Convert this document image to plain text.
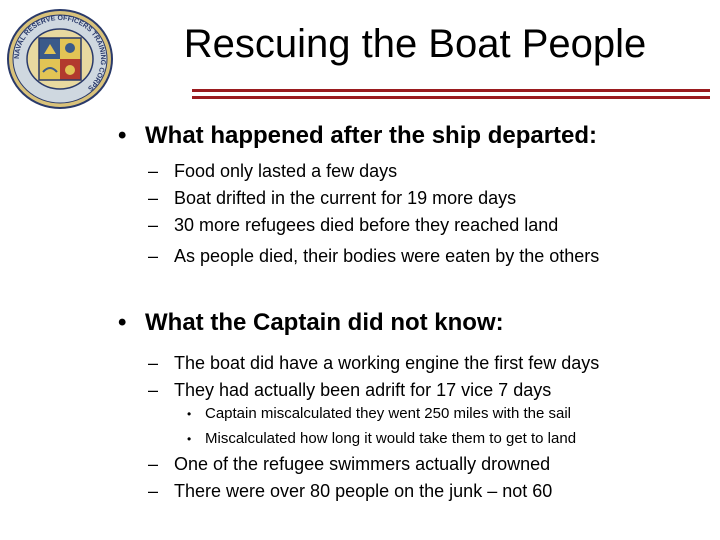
NAVAL RESERVE OFFICERS TRAINING CORPS
Rescuing the Boat People
• What happened after the ship departed:
– Food only lasted a few days
– Boat drifted in the current for 19 more days
– 30 more refugees died before they reached land
– As people died, their bodies were eaten by the others
• What the Captain did not know:
– The boat did have a working engine the first few days
– They had actually been adrift for 17 vice 7 days
• Captain miscalculated they went 250 miles with the sail
• Miscalculated how long it would take them to get to land
– One of the refugee swimmers actually drowned
– There were over 80 people on the junk – not 60
